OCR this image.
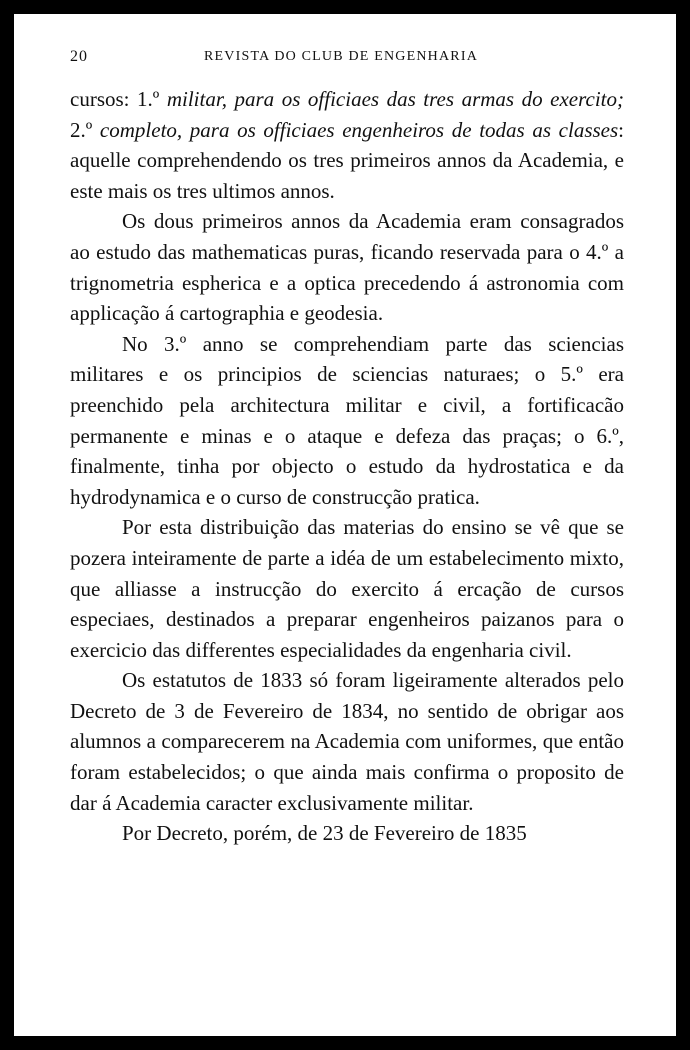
20	REVISTA DO CLUB DE ENGENHARIA

cursos: 1.º militar, para os officiaes das tres armas do exercito; 2.º completo, para os officiaes engenheiros de todas as classes: aquelle comprehendendo os tres primeiros annos da Academia, e este mais os tres ultimos annos.

Os dous primeiros annos da Academia eram consagrados ao estudo das mathematicas puras, ficando reservada para o 4.º a trignometria espherica e a optica precedendo á astronomia com applicação á cartographia e geodesia.

No 3.º anno se comprehendiam parte das sciencias militares e os principios de sciencias naturaes; o 5.º era preenchido pela architectura militar e civil, a fortificacão permanente e minas e o ataque e defeza das praças; o 6.º, finalmente, tinha por objecto o estudo da hydrostatica e da hydrodynamica e o curso de construcção pratica.

Por esta distribuição das materias do ensino se vê que se pozera inteiramente de parte a idéa de um estabelecimento mixto, que alliasse a instrucção do exercito á ercação de cursos especiaes, destinados a preparar engenheiros paizanos para o exercicio das differentes especialidades da engenharia civil.

Os estatutos de 1833 só foram ligeiramente alterados pelo Decreto de 3 de Fevereiro de 1834, no sentido de obrigar aos alumnos a comparecerem na Academia com uniformes, que então foram estabelecidos; o que ainda mais confirma o proposito de dar á Academia caracter exclusivamente militar.

Por Decreto, porém, de 23 de Fevereiro de 1835
